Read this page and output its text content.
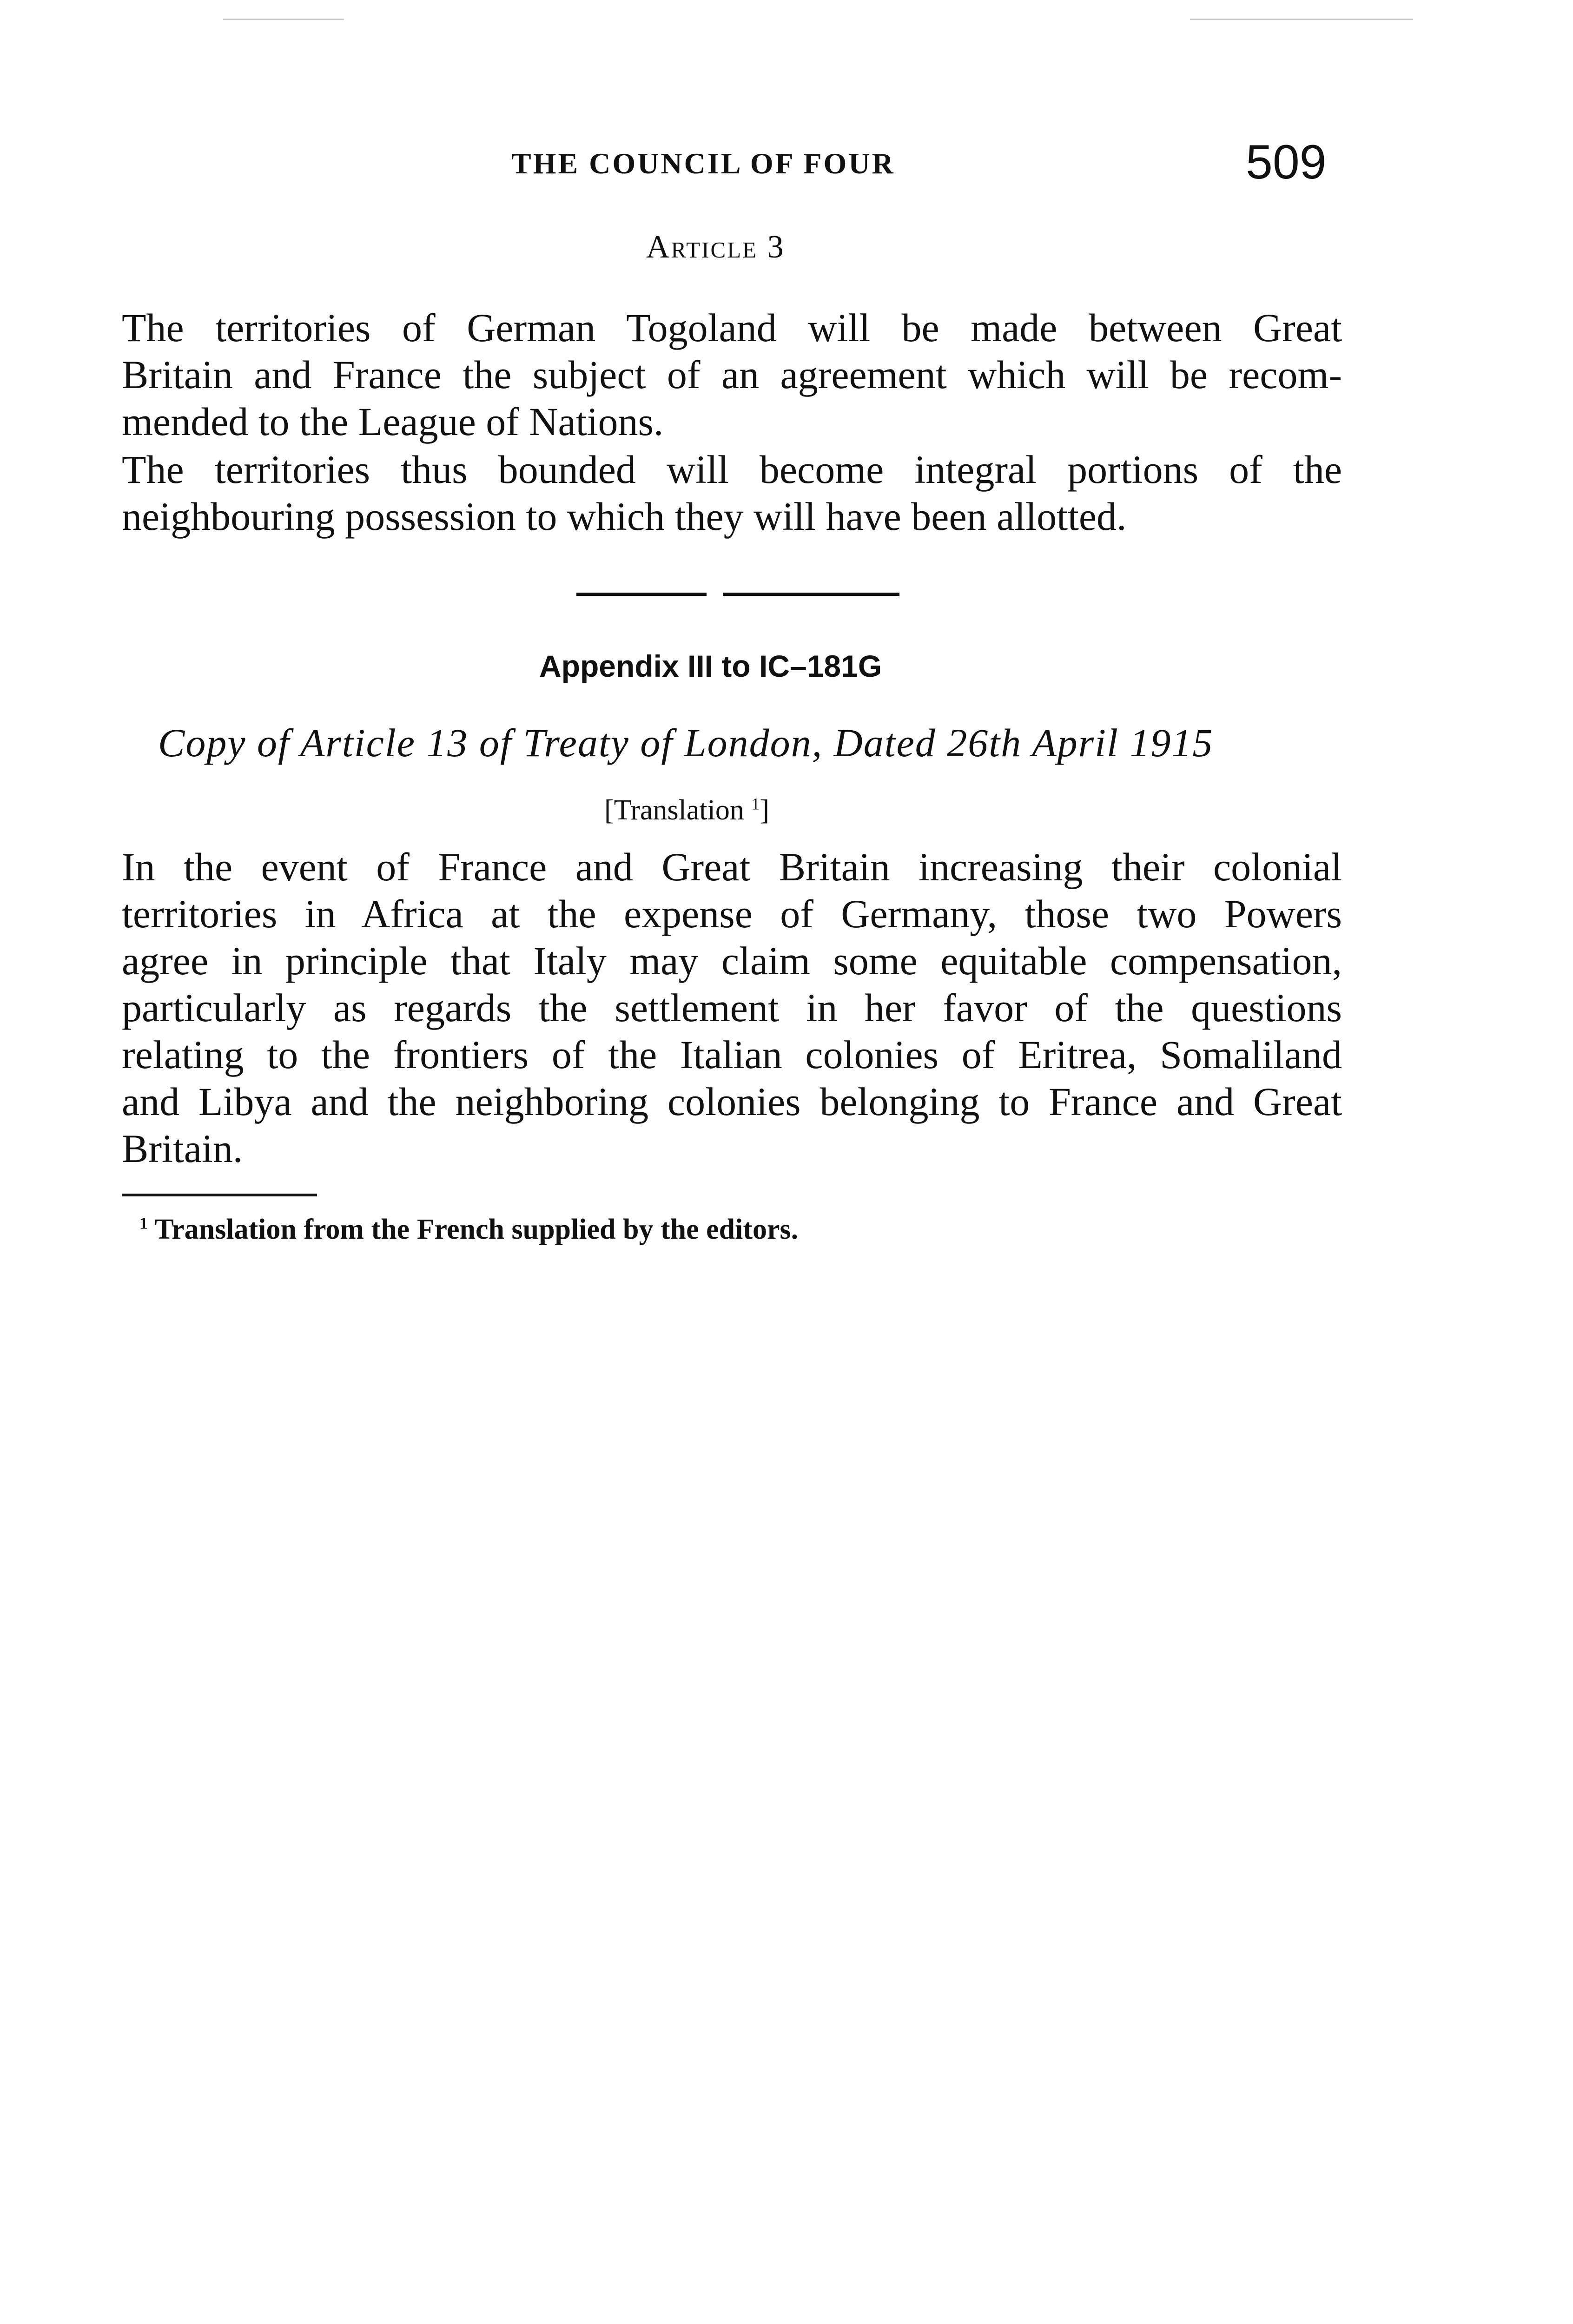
THE COUNCIL OF FOUR	509
Article 3

The territories of German Togoland will be made between Great
Britain and France the subject of an agreement which will be recom-
mended to the League of Nations.

The territories thus bounded will become integral portions of the
neighbouring possession to which they will have been allotted.

Appendix III to IC–181G
Copy of Article 13 of Treaty of London, Dated 26th April 1915
[Translation $^1$]

In the event of France and Great Britain increasing their colonial
territories in Africa at the expense of Germany, those two Powers
agree in principle that Italy may claim some equitable compensation,
particularly as regards the settlement in her favor of the questions
relating to the frontiers of the Italian colonies of Eritrea, Somaliland
and Libya and the neighboring colonies belonging to France and Great
Britain.

$^1$ Translation from the French supplied by the editors.
